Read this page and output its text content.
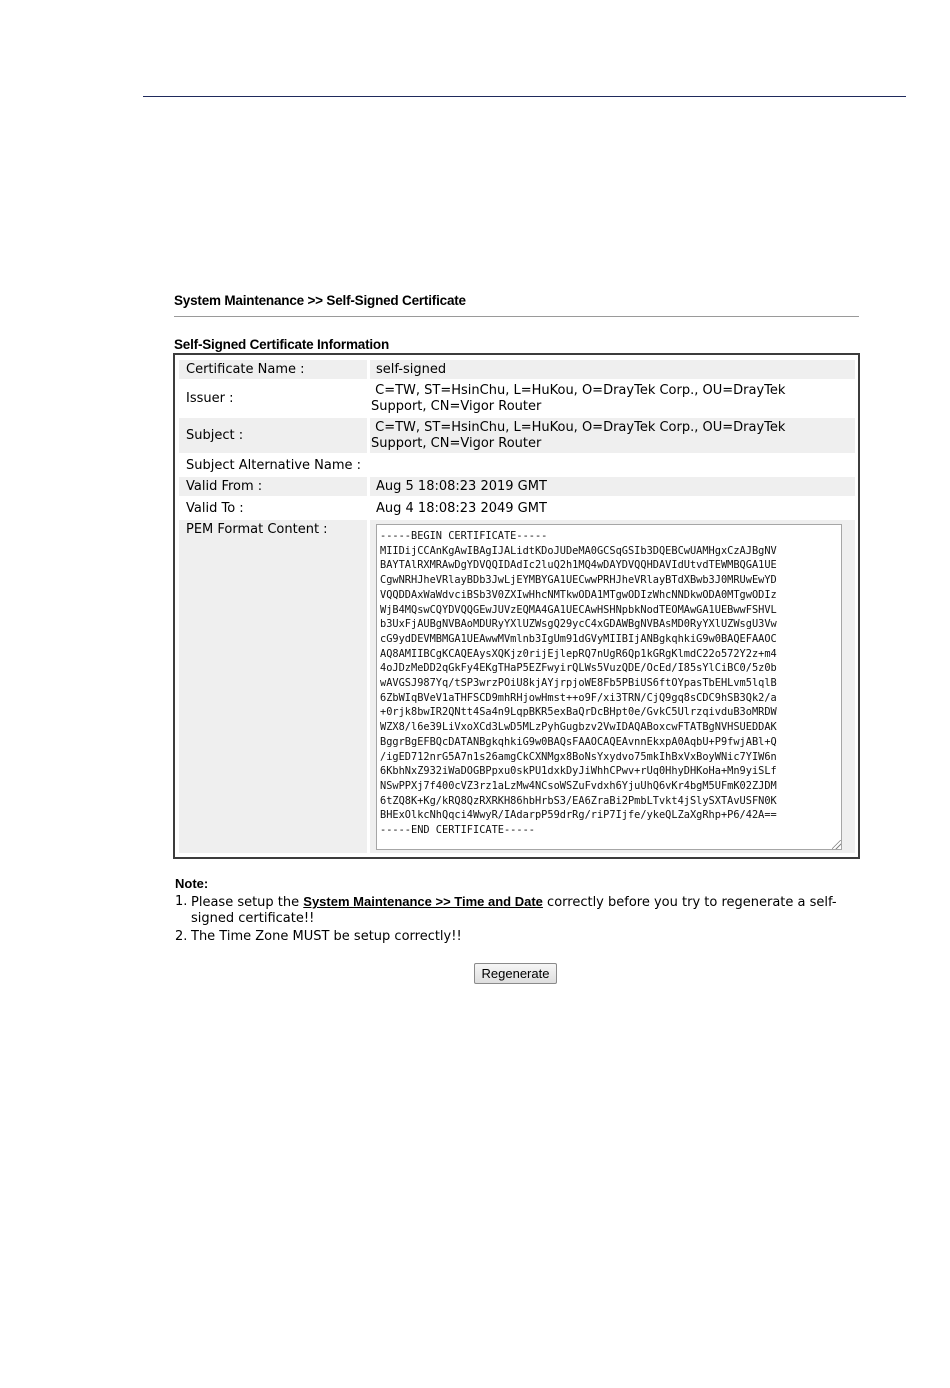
System Maintenance >> Self-Signed Certificate
Self-Signed Certificate Information
Certificate Name :	self-signed
Issuer :
C=TW, ST=HsinChu, L=HuKou, O=DrayTek Corp., OU=DrayTek
Support, CN=Vigor Router
Subject :
C=TW, ST=HsinChu, L=HuKou, O=DrayTek Corp., OU=DrayTek
Support, CN=Vigor Router
Subject Alternative Name :
Valid From :	Aug 5 18:08:23 2019 GMT
Valid To :	Aug 4 18:08:23 2049 GMT
PEM Format Content :	-----BEGIN CERTIFICATE-----
MIIDijCCAnKgAwIBAgIJALidtKDoJUDeMA0GCSqGSIb3DQEBCwUAMHgxCzAJBgNV
BAYTAlRXMRAwDgYDVQQIDAdIc2luQ2h1MQ4wDAYDVQQHDAVIdUtvdTEWMBQGA1UE
CgwNRHJheVRlayBDb3JwLjEYMBYGA1UECwwPRHJheVRlayBTdXBwb3J0MRUwEwYD
VQQDDAxWaWdvciBSb3V0ZXIwHhcNMTkwODA1MTgwODIzWhcNNDkwODA0MTgwODIz
WjB4MQswCQYDVQQGEwJUVzEQMA4GA1UECAwHSHNpbkNodTEOMAwGA1UEBwwFSHVL
b3UxFjAUBgNVBAoMDURyYXlUZWsgQ29ycC4xGDAWBgNVBAsMD0RyYXlUZWsgU3Vw
cG9ydDEVMBMGA1UEAwwMVmlnb3IgUm91dGVyMIIBIjANBgkqhkiG9w0BAQEFAAOC
AQ8AMIIBCgKCAQEAysXQKjz0rijEjlepRQ7nUgR6Qp1kGRgKlmdC22o572Y2z+m4
4oJDzMeDD2qGkFy4EKgTHaP5EZFwyirQLWs5VuzQDE/OcEd/I85sYlCiBC0/5z0b
wAVGSJ987Yq/tSP3wrzPOiU8kjAYjrpjoWE8Fb5PBiUS6ftOYpasTbEHLvm5lqlB
6ZbWIqBVeV1aTHFSCD9mhRHjowHmst++o9F/xi3TRN/CjQ9gq8sCDC9hSB3Qk2/a
+0rjk8bwIR2QNtt4Sa4n9LqpBKR5exBaQrDcBHpt0e/GvkC5UlrzqivduB3oMRDW
WZX8/l6e39LiVxoXCd3LwD5MLzPyhGugbzv2VwIDAQABoxcwFTATBgNVHSUEDDAK
BggrBgEFBQcDATANBgkqhkiG9w0BAQsFAAOCAQEAvnnEkxpA0AqbU+P9fwjABl+Q
/igED712nrG5A7n1s26amgCkCXNMgx8BoNsYxydvo75mkIhBxVxBoyWNic7YIW6n
6KbhNxZ932iWaDOGBPpxu0skPU1dxkDyJiWhhCPwv+rUq0HhyDHKoHa+Mn9yiSLf
NSwPPXj7f400cVZ3rz1aLzMw4NCsoWSZuFvdxh6YjuUhQ6vKr4bgM5UFmK02ZJDM
6tZQ8K+Kg/kRQ8QzRXRKH86hbHrbS3/EA6ZraBi2PmbLTvkt4jSlySXTAvUSFN0K
BHExOlkcNhQqci4WwyR/IAdarpP59drRg/riP7Ijfe/ykeQLZaXgRhp+P6/42A==
-----END CERTIFICATE-----
Note:
1. Please setup the System Maintenance >> Time and Date correctly before you try to regenerate a self-signed certificate!!
2. The Time Zone MUST be setup correctly!!
Regenerate
